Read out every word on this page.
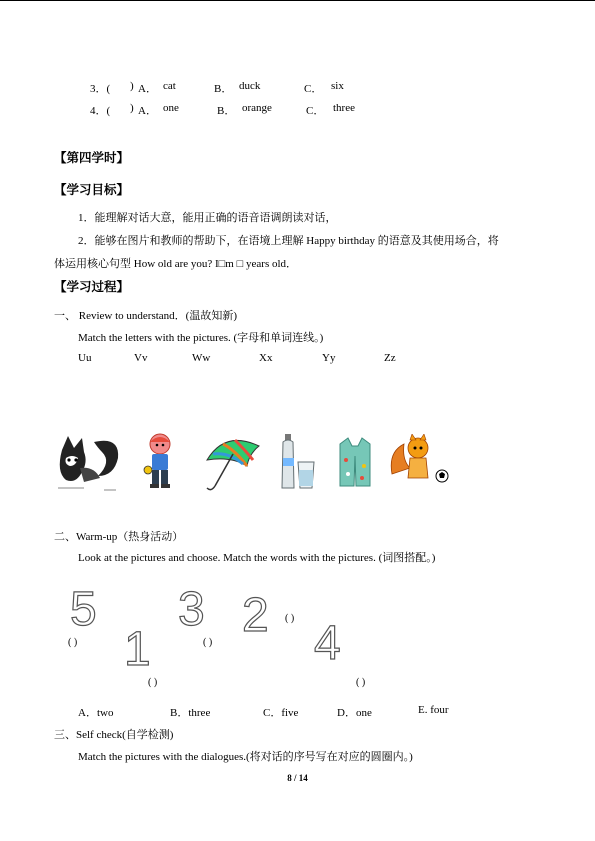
3．( ) A． cat	B． duck	C． six
4．( ) A． one	B． orange	C． three
【第四学时】
【学习目标】
1．能理解对话大意，能用正确的语音语调朗读对话，
2．能够在图片和教师的帮助下，在语境上理解 Happy birthday 的语意及其使用场合，将
体运用核心句型 How old are you? I□m □ years old．
【学习过程】
一、 Review to understand．(温故知新)
Match the letters with the pictures. (字母和单词连线。)
Uu	Vv	Ww	Xx	Yy	Zz
二、Warm-up（热身活动）
Look at the pictures and choose. Match the words with the pictures. (词图搭配。)
5
( ) 1
( )
3
( )
2 ( ) 4
( )
A．two	B．three	C．five	D．one	E. four
三、Self check(自学检测)
Match the pictures with the dialogues.(将对话的序号写在对应的圆圈内。)
8 / 14
